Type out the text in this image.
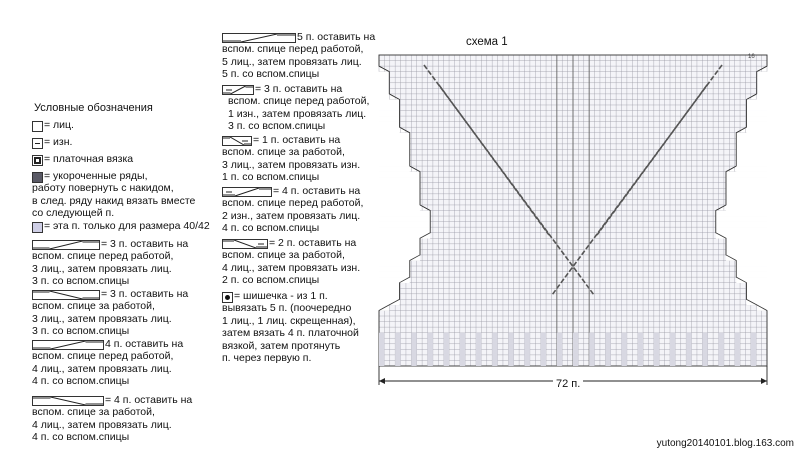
Условные обозначения
схема 1
= лиц.
= изн.
= платочная вязка
= укороченные ряды,
работу повернуть с накидом,
в след. ряду накид вязать вместе
со следующей п.
= эта п. только для размера 40/42
= 3 п. оставить на
вспом. спице перед работой,
3 лиц., затем провязать лиц.
3 п. со вспом.спицы
= 3 п. оставить на
вспом. спице за работой,
3 лиц., затем провязать лиц.
3 п. со вспом.спицы
4 п. оставить на
вспом. спице перед работой,
4 лиц., затем провязать лиц.
4 п. со вспом.спицы
= 4 п. оставить на
вспом. спице за работой,
4 лиц., затем провязать лиц.
4 п. со вспом.спицы
5 п. оставить на
вспом. спице перед работой,
5 лиц., затем провязать лиц.
5 п. со вспом.спицы
= 3 п. оставить на
вспом. спице перед работой,
1 изн., затем провязать лиц.
3 п. со вспом.спицы
= 1 п. оставить на
вспом. спице за работой,
3 лиц., затем провязать изн.
1 п. со вспом.спицы
= 4 п. оставить на
вспом. спице перед работой,
2 изн., затем провязать лиц.
4 п. со вспом.спицы
= 2 п. оставить на
вспом. спице за работой,
4 лиц., затем провязать изн.
2 п. со вспом.спицы
= шишечка - из 1 п.
вывязать 5 п. (поочередно
1 лиц., 1 лиц. скрещенная),
затем вязать 4 п. платочной
вязкой, затем протянуть
п. через первую п.
72 п.
16
yutong20140101.blog.163.com
